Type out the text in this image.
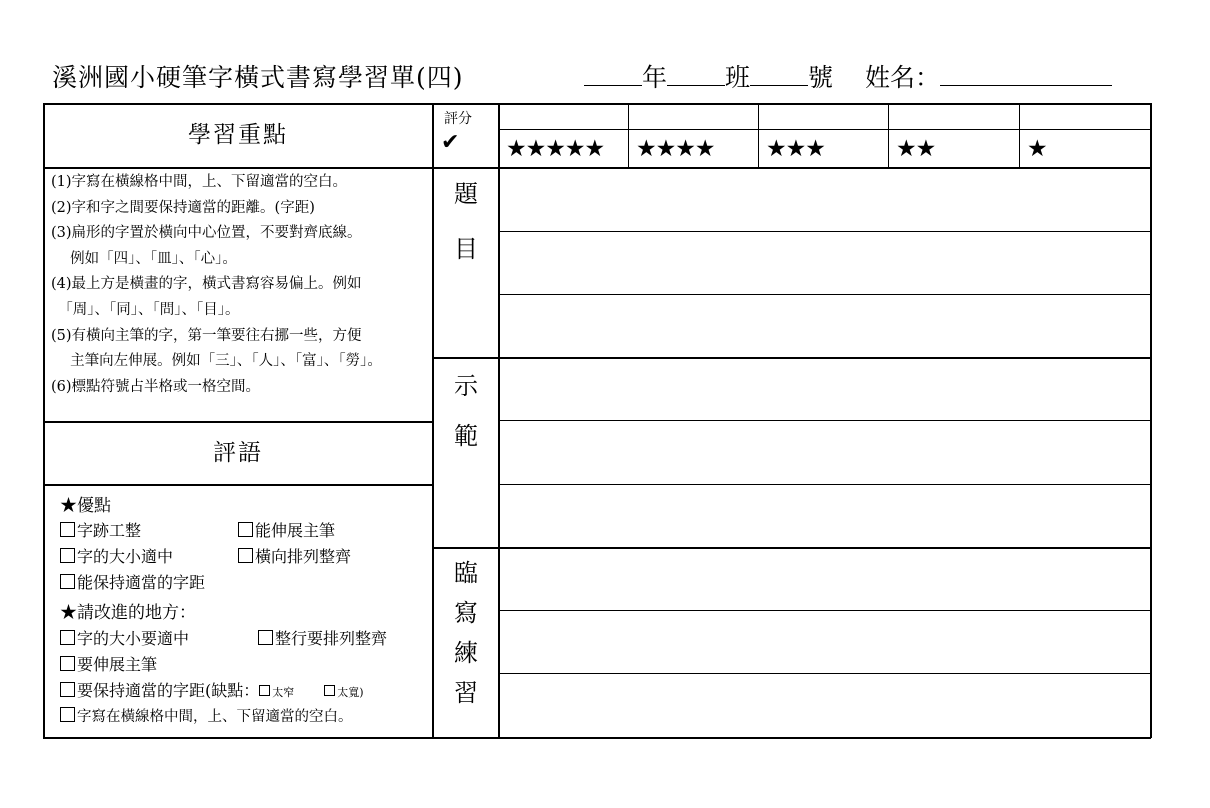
溪洲國小硬筆字橫式書寫學習單(四)	年 班 號 姓名：
學習重點
(1)字寫在橫線格中間，上、下留適當的空白。
(2)字和字之間要保持適當的距離。(字距)
(3)扁形的字置於橫向中心位置，不要對齊底線。
　 例如「四」、「皿」、「心」。
(4)最上方是橫畫的字，橫式書寫容易偏上。例如
　「周」、「同」、「問」、「目」。
(5)有橫向主筆的字，第一筆要往右挪一些，方便
　 主筆向左伸展。例如「三」、「人」、「富」、「勞」。
(6)標點符號占半格或一格空間。
評分
✔ ★★★★★ ★★★★ ★★★	★★	★
題
目
示
範
臨
寫
練
習
評語
★優點
字跡工整	能伸展主筆
字的大小適中	橫向排列整齊
能保持適當的字距
★請改進的地方：
字的大小要適中	整行要排列整齊
要伸展主筆
要保持適當的字距(缺點： 太窄	太寬)
字寫在橫線格中間，上、下留適當的空白。
